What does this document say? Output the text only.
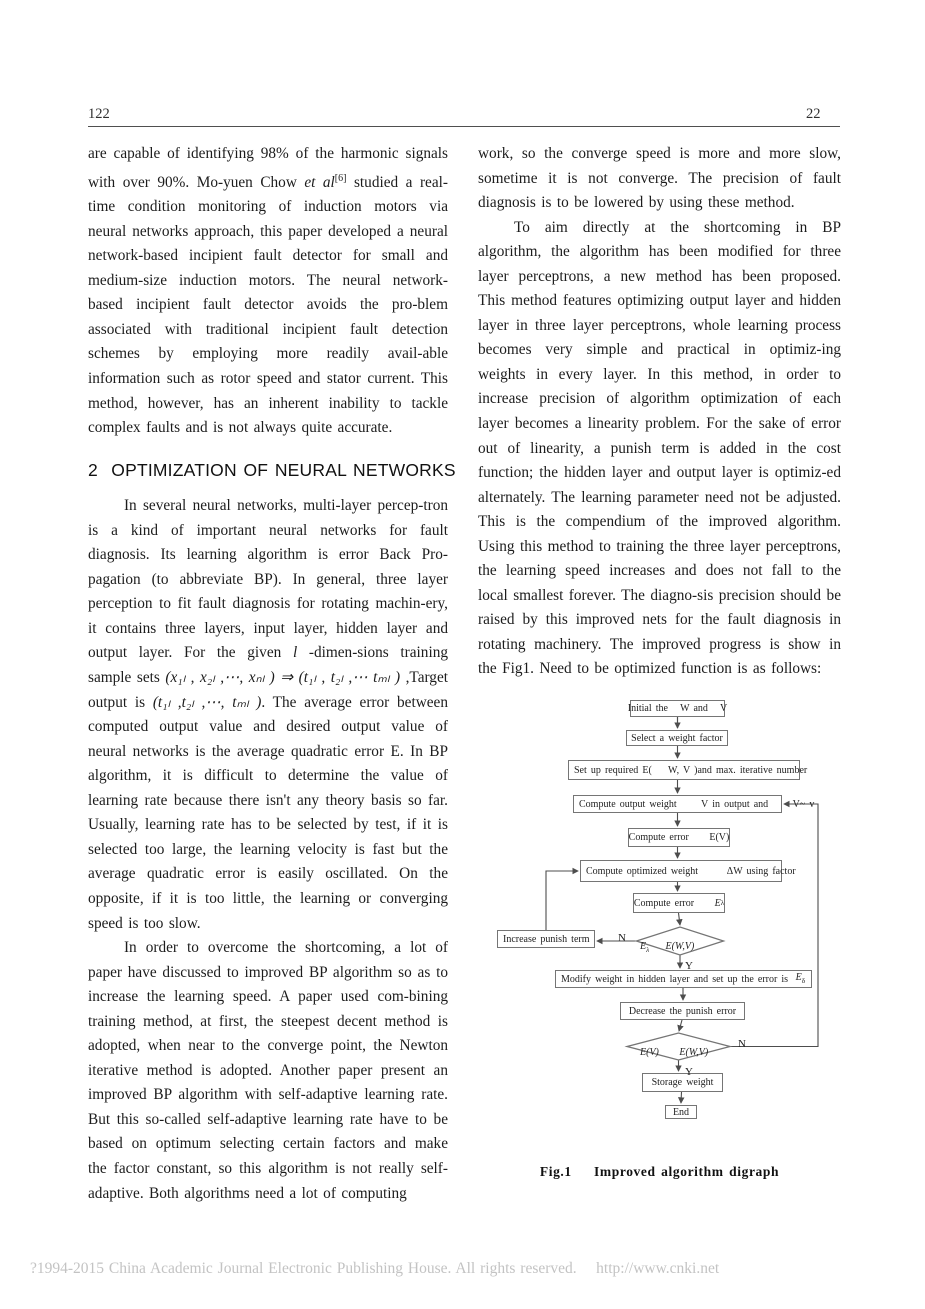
122	22

are capable of identifying 98% of the harmonic signals with over 90%. Mo-yuen Chow et al[6] studied a real-time condition monitoring of induction motors via neural networks approach, this paper developed a neural network-based incipient fault detector for small and medium-size induction motors. The neural network-based incipient fault detector avoids the pro-blem associated with traditional incipient fault detection schemes by employing more readily avail-able information such as rotor speed and stator current. This method, however, has an inherent inability to tackle complex faults and is not always quite accurate.

2  OPTIMIZATION OF NEURAL NETWORKS

In several neural networks, multi-layer percep-tron is a kind of important neural networks for fault diagnosis. Its learning algorithm is error Back Pro-pagation (to abbreviate BP). In general, three layer perception to fit fault diagnosis for rotating machin-ery, it contains three layers, input layer, hidden layer and output layer. For the given l -dimen-sions training sample sets (x₁ₗ , x₂ₗ ,⋯, xₙₗ ) ⇒ (t₁ₗ , t₂ₗ ,⋯ tₘₗ ) ,Target output is (t₁ₗ ,t₂ₗ ,⋯, tₘₗ ). The average error between computed output value and desired output value of neural networks is the average quadratic error E. In BP algorithm, it is difficult to determine the value of learning rate because there isn't any theory basis so far. Usually, learning rate has to be selected by test, if it is selected too large, the learning velocity is fast but the average quadratic error is easily oscillated. On the opposite, if it is too little, the learning or converging speed is too slow.

In order to overcome the shortcoming, a lot of paper have discussed to improved BP algorithm so as to increase the learning speed. A paper used com-bining training method, at first, the steepest decent method is adopted, when near to the converge point, the Newton iterative method is adopted. Another paper present an improved BP algorithm with self-adaptive learning rate. But this so-called self-adaptive learning rate have to be based on optimum selecting certain factors and make the factor constant, so this algorithm is not really self-adaptive. Both algorithms need a lot of computing

work, so the converge speed is more and more slow, sometime it is not converge. The precision of fault diagnosis is to be lowered by using these method.

To aim directly at the shortcoming in BP algorithm, the algorithm has been modified for three layer perceptrons, a new method has been proposed. This method features optimizing output layer and hidden layer in three layer perceptrons, whole learning process becomes very simple and practical in optimiz-ing weights in every layer. In this method, in order to increase precision of algorithm optimization of each layer becomes a linearity problem. For the sake of error out of linearity, a punish term is added in the cost function; the hidden layer and output layer is optimiz-ed alternately. The learning parameter need not be adjusted. This is the compendium of the improved algorithm. Using this method to training the three layer perceptrons, the learning speed increases and does not fall to the local smallest forever. The diagno-sis precision should be raised by this improved nets for the fault diagnosis in rotating machinery. The improved progress is show in the Fig1. Need to be optimized function is as follows:

Initial the   W and   V
Select a weight factor
Set up required E(    W, V )and max. iterative number
Compute output weight      V in output and      V~ v
Compute error     E(V)
Compute optimized weight       ΔW using factor
Compute error E λ
$E_\lambda$    E(W,V)
Increase punish term
Modify weight in hidden layer and set up the error is $E_\delta$
Decrease the punish error
E(V)     E(W,V)
Storage weight
End
N
Y
N
Y
Fig.1    Improved algorithm digraph
?1994-2015 China Academic Journal Electronic Publishing House. All rights reserved.    http://www.cnki.net
